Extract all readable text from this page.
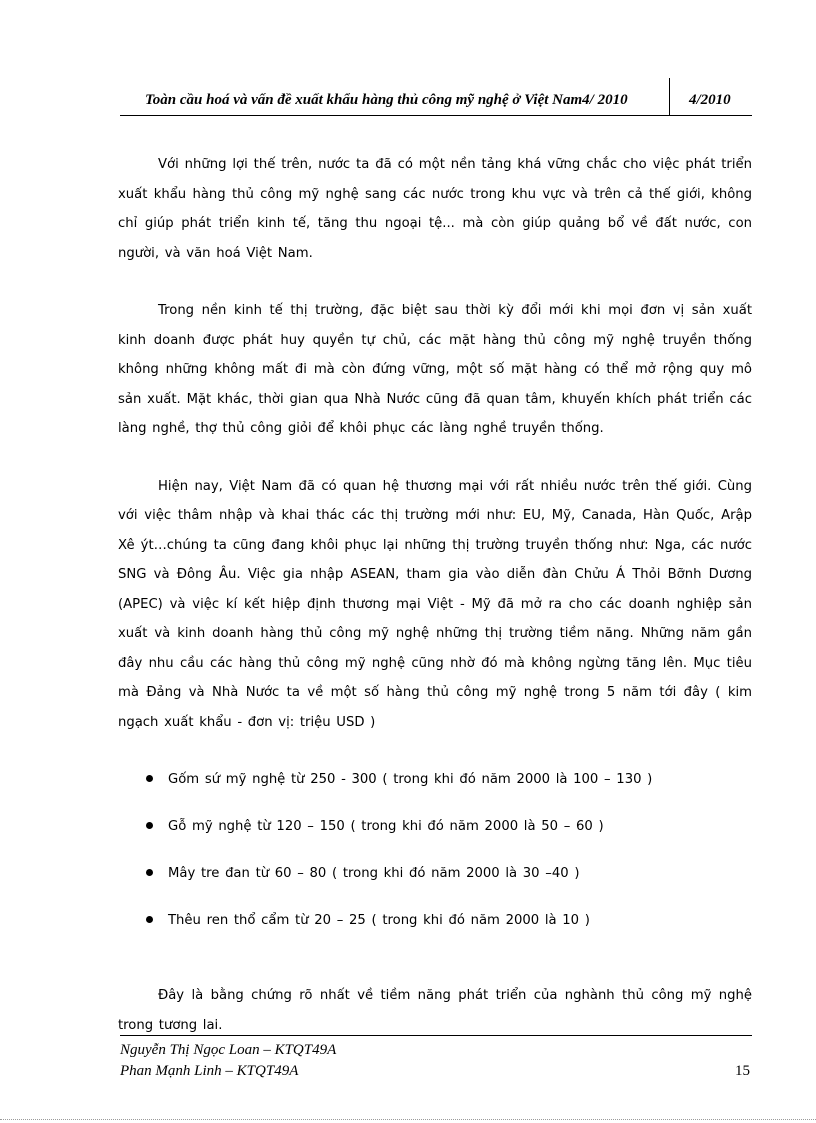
Toàn cầu hoá và vấn đề xuất khẩu hàng thủ công mỹ nghệ ở Việt Nam4/ 2010	4/2010

Với những lợi thế trên, nước ta đã có một nền tảng khá vững chắc cho việc phát triển xuất khẩu hàng thủ công mỹ nghệ sang các nước trong khu vực và trên cả thế giới, không chỉ giúp phát triển kinh tế, tăng thu ngoại tệ... mà còn giúp quảng bổ về đất nước, con người, và văn hoá Việt Nam.

Trong nền kinh tế thị trường, đặc biệt sau thời kỳ đổi mới khi mọi đơn vị sản xuất kinh doanh được phát huy quyền tự chủ, các mặt hàng thủ công mỹ nghệ truyền thống không những không mất đi mà còn đứng vững, một số mặt hàng có thể mở rộng quy mô sản xuất. Mặt khác, thời gian qua Nhà Nước cũng đã quan tâm, khuyến khích phát triển các làng nghề, thợ thủ công giỏi để khôi phục các làng nghề truyền thống.

Hiện nay, Việt Nam đã có quan hệ thương mại với rất nhiều nước trên thế giới. Cùng với việc thâm nhập và khai thác các thị trường mới như: EU, Mỹ, Canada, Hàn Quốc, Arập Xê ýt…chúng ta cũng đang khôi phục lại những thị trường truyền thống như: Nga, các nước SNG và Đông Âu. Việc gia nhập ASEAN, tham gia vào diễn đàn Chửu Á Thỏi Bỡnh Dương (APEC) và việc kí kết hiệp định thương mại Việt - Mỹ đã mở ra cho các doanh nghiệp sản xuất và kinh doanh hàng thủ công mỹ nghệ những thị trường tiềm năng. Những năm gần đây nhu cầu các hàng thủ công mỹ nghệ cũng nhờ đó mà không ngừng tăng lên. Mục tiêu mà Đảng và Nhà Nước ta về một số hàng thủ công mỹ nghệ trong 5 năm tới đây ( kim ngạch xuất khẩu - đơn vị: triệu USD )

Gốm sứ mỹ nghệ từ 250 - 300 ( trong khi đó năm 2000 là 100 – 130 )
Gỗ mỹ nghệ từ 120 – 150 ( trong khi đó năm 2000 là 50 – 60 )
Mây tre đan từ 60 – 80 ( trong khi đó năm 2000 là 30 –40 )
Thêu ren thổ cẩm từ 20 – 25 ( trong khi đó năm 2000 là 10 )

Đây là bằng chứng rõ nhất về tiềm năng phát triển của nghành thủ công mỹ nghệ trong tương lai.

Nguyễn Thị Ngọc Loan – KTQT49A
Phan Mạnh Linh – KTQT49A	15
